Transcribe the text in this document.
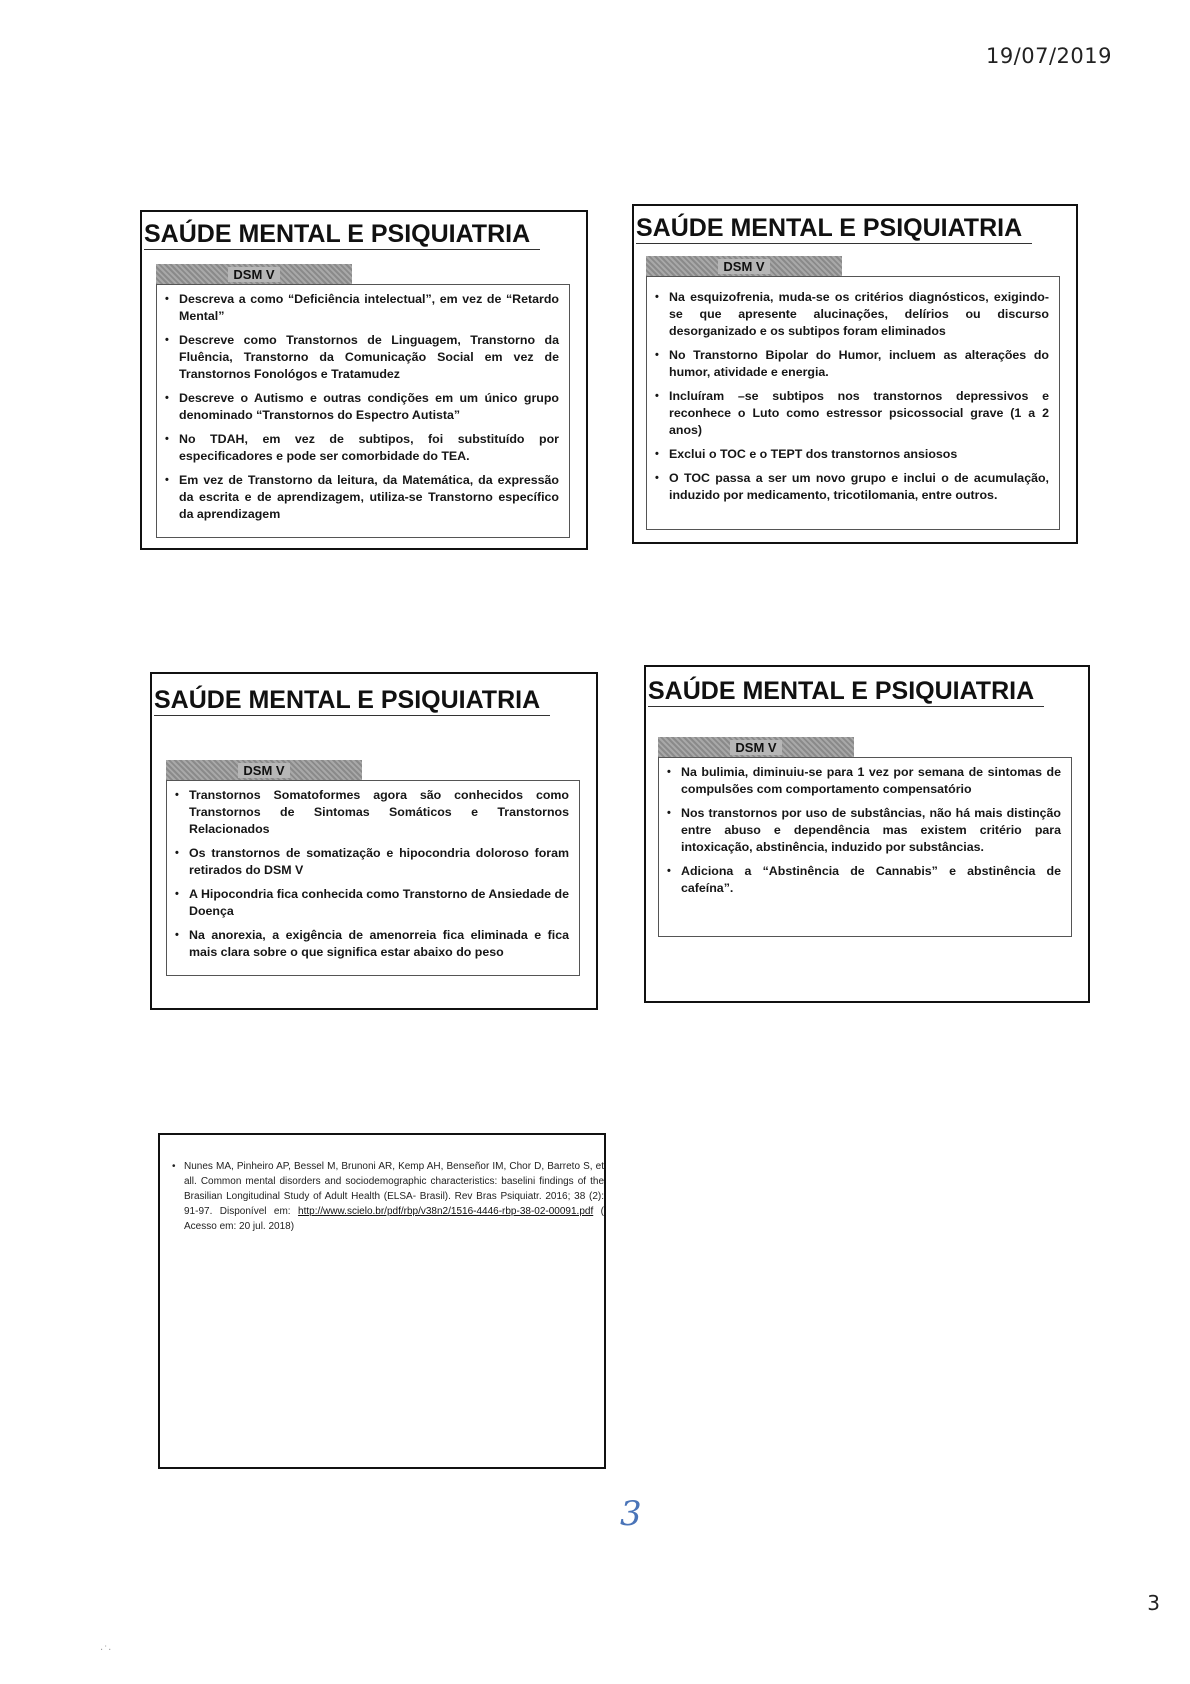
19/07/2019
SAÚDE MENTAL E PSIQUIATRIA
DSM V
• Descreva a como “Deficiência intelectual”, em vez de “Retardo Mental”
• Descreve como Transtornos de Linguagem, Transtorno da Fluência, Transtorno da Comunicação Social em vez de Transtornos Fonológos e Tratamudez
• Descreve o Autismo e outras condições em um único grupo denominado “Transtornos do Espectro Autista”
• No TDAH, em vez de subtipos, foi substituído por especificadores e pode ser comorbidade do TEA.
• Em vez de Transtorno da leitura, da Matemática, da expressão da escrita e de aprendizagem, utiliza-se Transtorno específico da aprendizagem
SAÚDE MENTAL E PSIQUIATRIA
DSM V
• Na esquizofrenia, muda-se os critérios diagnósticos, exigindo-se que apresente alucinações, delírios ou discurso desorganizado e os subtipos foram eliminados
• No Transtorno Bipolar do Humor, incluem as alterações do humor, atividade e energia.
• Incluíram –se subtipos nos transtornos depressivos e reconhece o Luto como estressor psicossocial grave (1 a 2 anos)
• Exclui o TOC e o TEPT dos transtornos ansiosos
• O TOC passa a ser um novo grupo e inclui o de acumulação, induzido por medicamento, tricotilomania, entre outros.
SAÚDE MENTAL E PSIQUIATRIA
DSM V
• Transtornos Somatoformes agora são conhecidos como Transtornos de Sintomas Somáticos e Transtornos Relacionados
• Os transtornos de somatização e hipocondria doloroso foram retirados do DSM V
• A Hipocondria fica conhecida como Transtorno de Ansiedade de Doença
• Na anorexia, a exigência de amenorreia fica eliminada e fica mais clara sobre o que significa estar abaixo do peso
SAÚDE MENTAL E PSIQUIATRIA
DSM V
• Na bulimia, diminuiu-se para 1 vez por semana de sintomas de compulsões com comportamento compensatório
• Nos transtornos por uso de substâncias, não há mais distinção entre abuso e dependência mas existem critério para intoxicação, abstinência, induzido por substâncias.
• Adiciona a “Abstinência de Cannabis” e abstinência de cafeína”.
• Nunes MA, Pinheiro AP, Bessel M, Brunoni AR, Kemp AH, Benseñor IM, Chor D, Barreto S, et all. Common mental disorders and sociodemographic characteristics: baselini findings of the Brasilian Longitudinal Study of Adult Health (ELSA- Brasil). Rev Bras Psiquiatr. 2016; 38 (2): 91-97. Disponível em: http://www.scielo.br/pdf/rbp/v38n2/1516-4446-rbp-38-02-00091.pdf ( Acesso em: 20 jul. 2018)
3
3
·˙·
